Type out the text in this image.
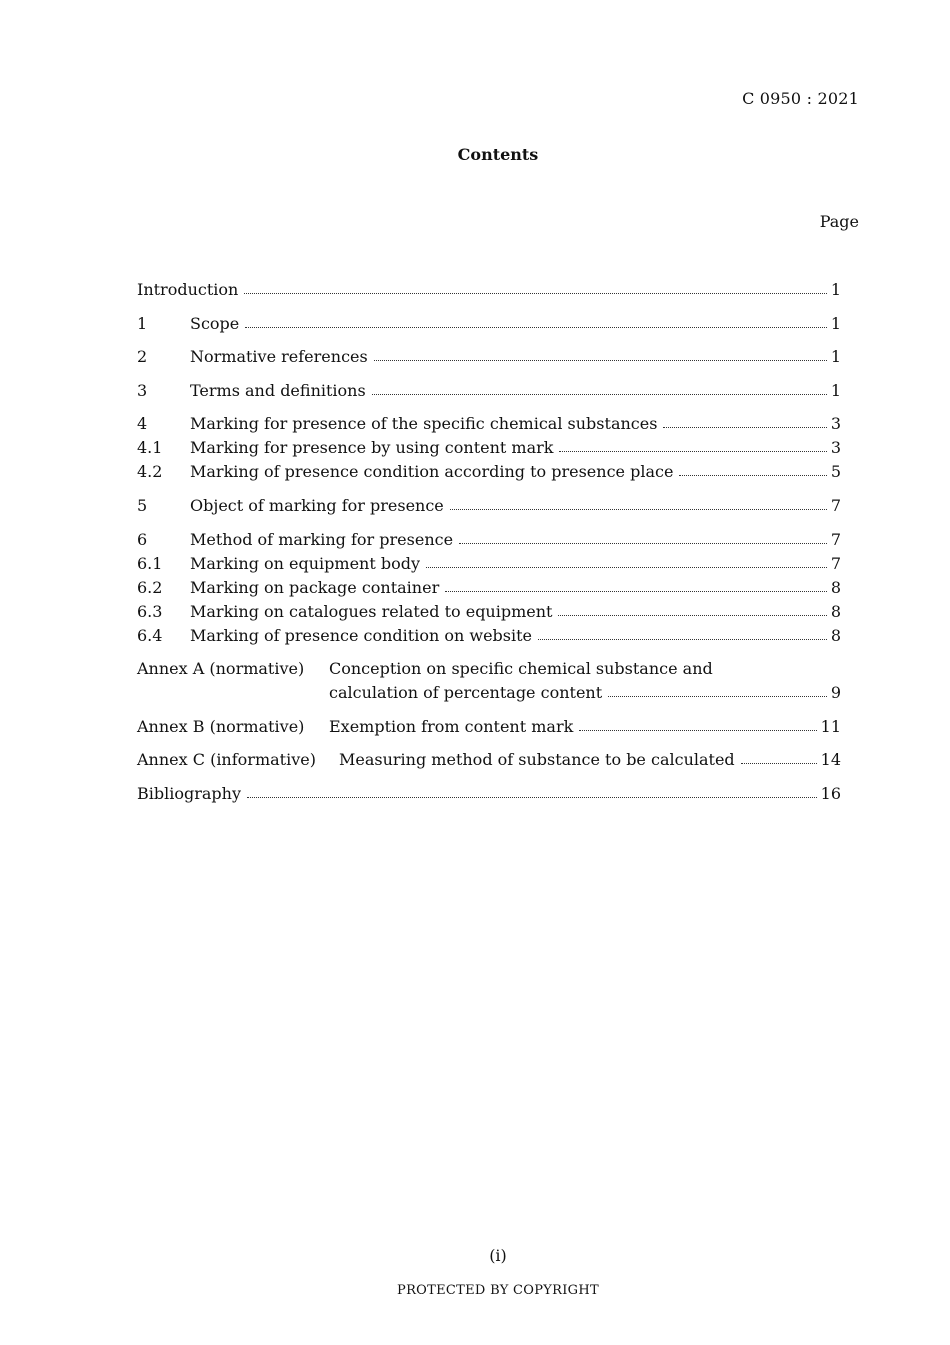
C 0950 : 2021
Contents
Page
Introduction	1
1	Scope	1
2	Normative references	1
3	Terms and definitions	1
4	Marking for presence of the specific chemical substances	3
4.1	Marking for presence by using content mark	3
4.2	Marking of presence condition according to presence place	5
5	Object of marking for presence	7
6	Method of marking for presence	7
6.1	Marking on equipment body	7
6.2	Marking on package container	8
6.3	Marking on catalogues related to equipment	8
6.4	Marking of presence condition on website	8
Annex A (normative)	Conception on specific chemical substance and
calculation of percentage content	9
Annex B (normative)	Exemption from content mark	11
Annex C (informative)	Measuring method of substance to be calculated	14
Bibliography	16
(i)
PROTECTED BY COPYRIGHT
